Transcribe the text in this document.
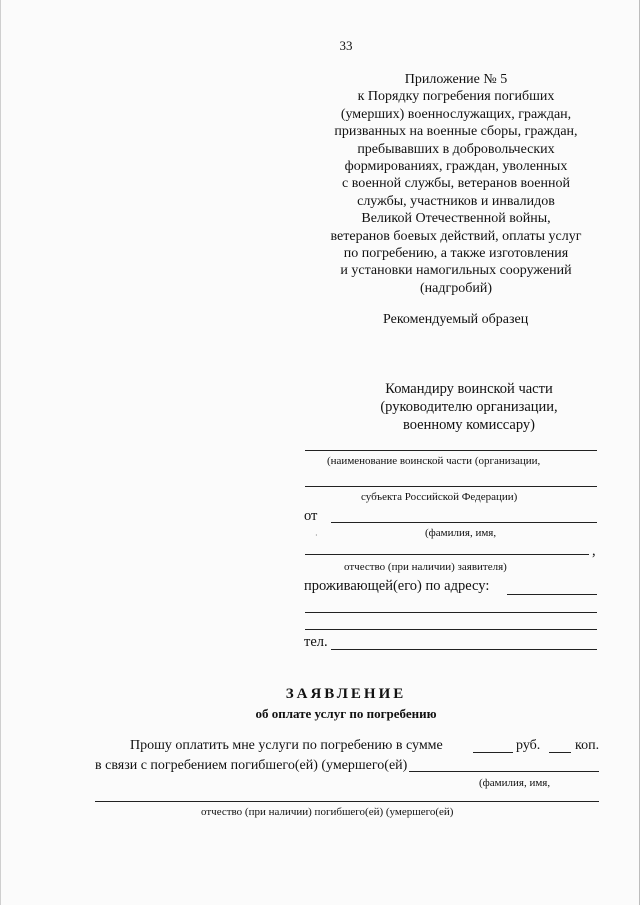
33
Приложение № 5
к Порядку погребения погибших
(умерших) военнослужащих, граждан,
призванных на военные сборы, граждан,
пребывавших в добровольческих
формированиях, граждан, уволенных
с военной службы, ветеранов военной
службы, участников и инвалидов
Великой Отечественной войны,
ветеранов боевых действий, оплаты услуг
по погребению, а также изготовления
и установки намогильных сооружений
(надгробий)
Рекомендуемый образец
Командиру воинской части
(руководителю организации,
военному комиссару)
(наименование воинской части (организации,
субъекта Российской Федерации)
от
·	(фамилия, имя,
,
отчество (при наличии) заявителя)
проживающей(его) по адресу:
тел.
ЗАЯВЛЕНИЕ
об оплате услуг по погребению
Прошу оплатить мне услуги по погребению в сумме	руб. коп.
в связи с погребением погибшего(ей) (умершего(ей)
(фамилия, имя,
отчество (при наличии) погибшего(ей) (умершего(ей)
